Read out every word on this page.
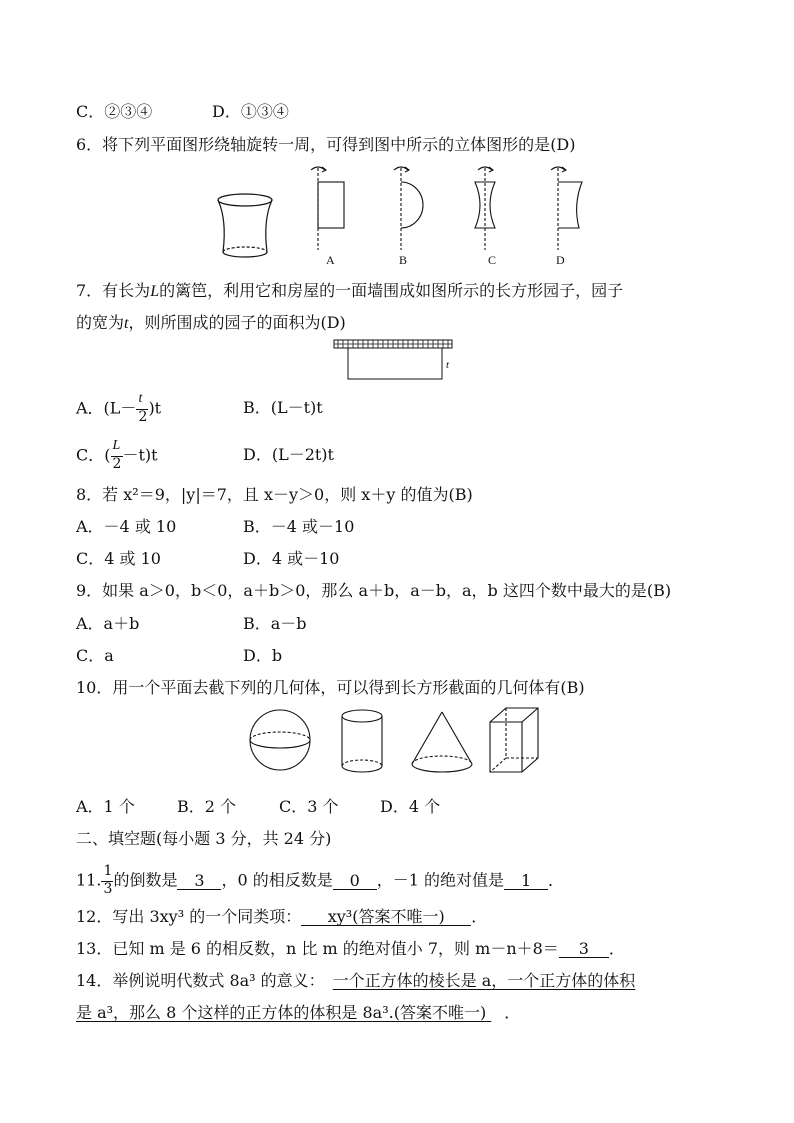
C．②③④	D．①③④
6．将下列平面图形绕轴旋转一周，可得到图中所示的立体图形的是(D)
A	B	C	D
7．有长为L的篱笆，利用它和房屋的一面墙围成如图所示的长方形园子，园子
的宽为t，则所围成的园子的面积为(D)
t
A．$(L- \frac{t}{2} )t$	B．(L－t)t
C．( $\frac{L}{2} -t)t$	D．(L－2t)t
8．若 x²＝9，|y|＝7，且 x－y＞0，则 x＋y 的值为(B)
A．－4 或 10	B．－4 或－10
C．4 或 10	D．4 或－10
9．如果 a＞0，b＜0，a＋b＞0，那么 a＋b，a－b，a，b 这四个数中最大的是(B)
A．a＋b	B．a－b
C．a	D．b
10．用一个平面去截下列的几何体，可以得到长方形截面的几何体有(B)
A．1 个	B．2 个	C．3 个	D．4 个
二、填空题(每小题 3 分，共 24 分)
11. $\frac{1}{3}$ 的倒数是 3 ，0 的相反数是 0 ，－1 的绝对值是 1 ．
12．写出 3xy³ 的一个同类项： xy³(答案不唯一) ．
13．已知 m 是 6 的相反数，n 比 m 的绝对值小 7，则 m－n＋8＝ 3 ．
14．举例说明代数式 8a³ 的意义： 一个正方体的棱长是 a，一个正方体的体积
是 a³，那么 8 个这样的正方体的体积是 8a³.(答案不唯一) ．
